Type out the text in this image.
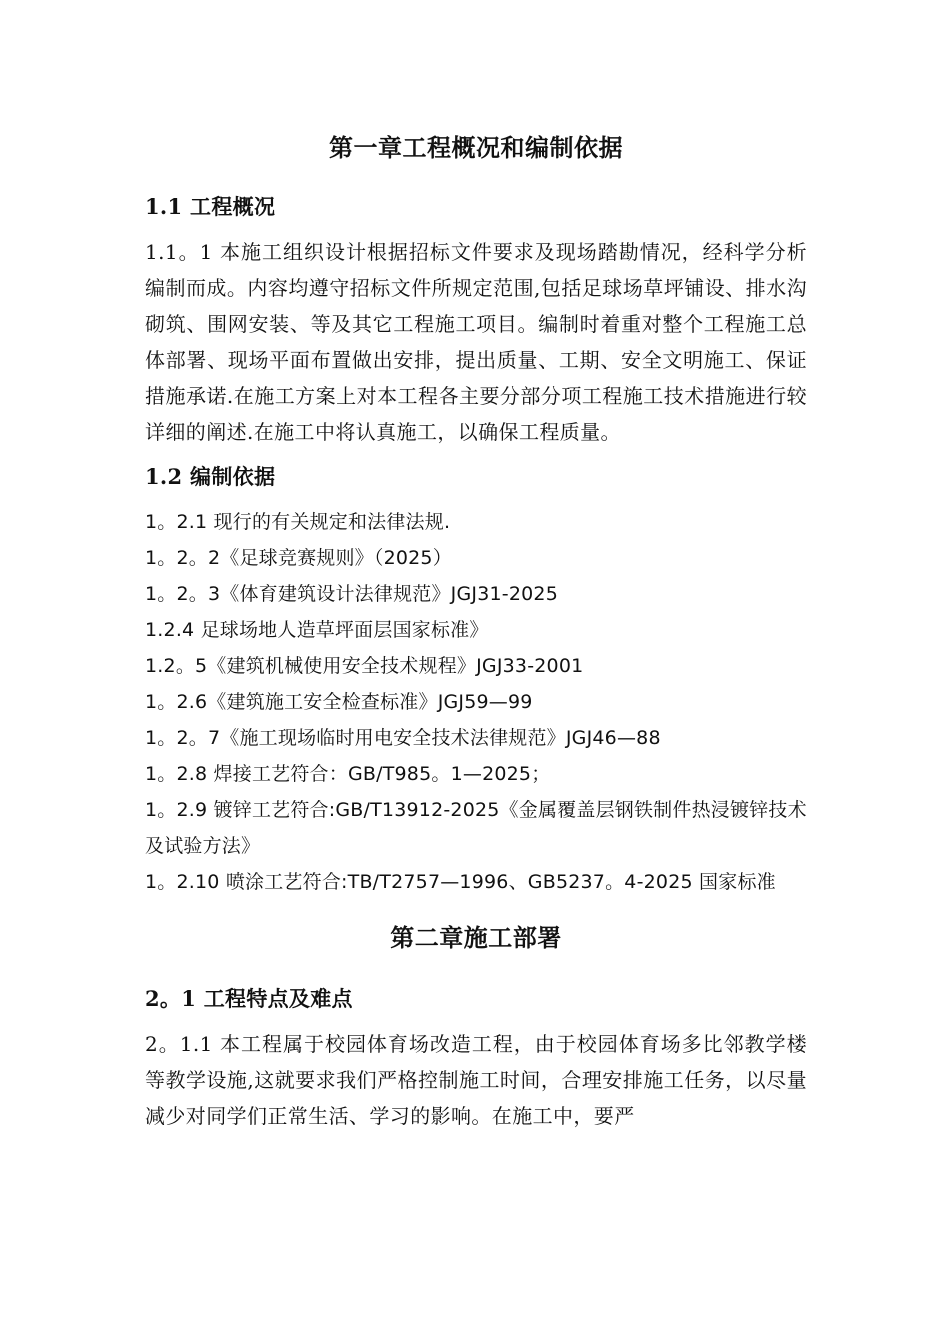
第一章工程概况和编制依据
1.1 工程概况

1.1。1 本施工组织设计根据招标文件要求及现场踏勘情况，经科学分析编制而成。内容均遵守招标文件所规定范围,包括足球场草坪铺设、排水沟砌筑、围网安装、等及其它工程施工项目。编制时着重对整个工程施工总体部署、现场平面布置做出安排，提出质量、工期、安全文明施工、保证措施承诺.在施工方案上对本工程各主要分部分项工程施工技术措施进行较详细的阐述.在施工中将认真施工，以确保工程质量。

1.2 编制依据
1。2.1 现行的有关规定和法律法规.
1。2。2《足球竞赛规则》（2025）
1。2。3《体育建筑设计法律规范》JGJ31-2025
1.2.4 足球场地人造草坪面层国家标准》
1.2。5《建筑机械使用安全技术规程》JGJ33-2001
1。2.6《建筑施工安全检查标准》JGJ59—99
1。2。7《施工现场临时用电安全技术法律规范》JGJ46—88
1。2.8 焊接工艺符合：GB/T985。1—2025；
1。2.9 镀锌工艺符合:GB/T13912-2025《金属覆盖层钢铁制件热浸镀锌技术及试验方法》
1。2.10 喷涂工艺符合:TB/T2757—1996、GB5237。4-2025 国家标准
第二章施工部署
2。1 工程特点及难点

2。1.1 本工程属于校园体育场改造工程，由于校园体育场多比邻教学楼等教学设施,这就要求我们严格控制施工时间，合理安排施工任务，以尽量减少对同学们正常生活、学习的影响。在施工中，要严
